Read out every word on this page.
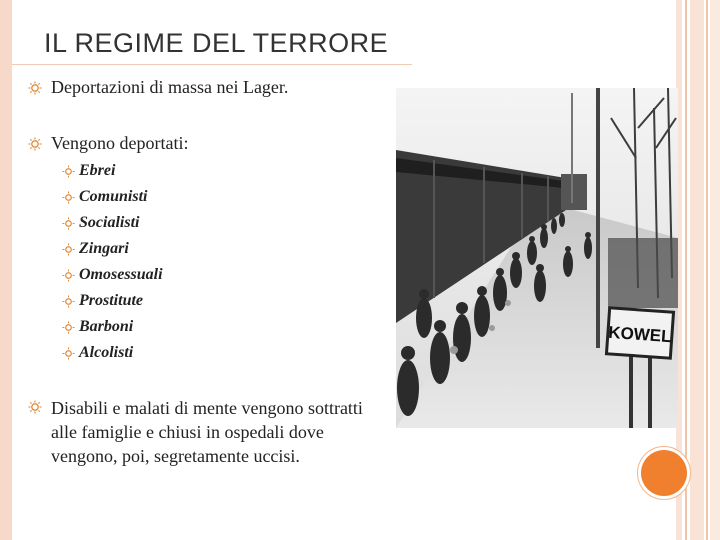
IL REGIME DEL TERRORE
Deportazioni di massa nei Lager.
Vengono deportati:
Ebrei
Comunisti
Socialisti
Zingari
Omosessuali
Prostitute
Barboni
Alcolisti
Disabili e malati di mente vengono sottratti alle famiglie e chiusi in ospedali dove vengono, poi, segretamente uccisi.
KOWEL
